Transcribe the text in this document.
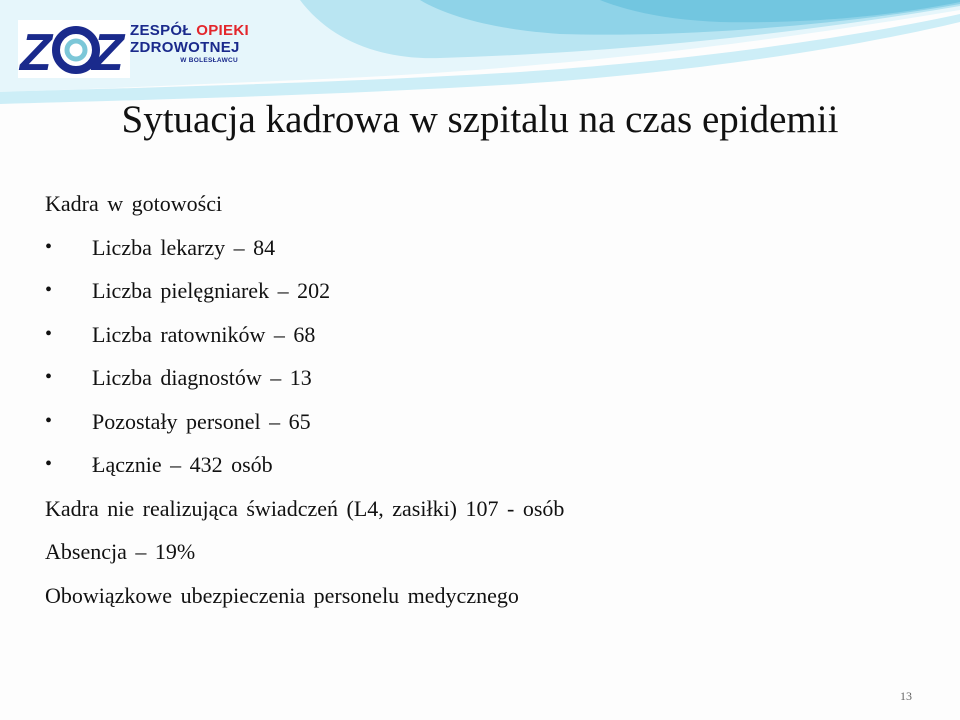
Z Z ZESPÓŁ OPIEKI
ZDROWOTNEJ
W BOLESŁAWCU
Sytuacja kadrowa w szpitalu na czas epidemii
Kadra w gotowości
• Liczba lekarzy – 84
• Liczba pielęgniarek – 202
• Liczba ratowników – 68
• Liczba diagnostów – 13
• Pozostały personel – 65
• Łącznie – 432 osób
Kadra nie realizująca świadczeń (L4, zasiłki) 107 - osób
Absencja – 19%
Obowiązkowe ubezpieczenia personelu medycznego
13
